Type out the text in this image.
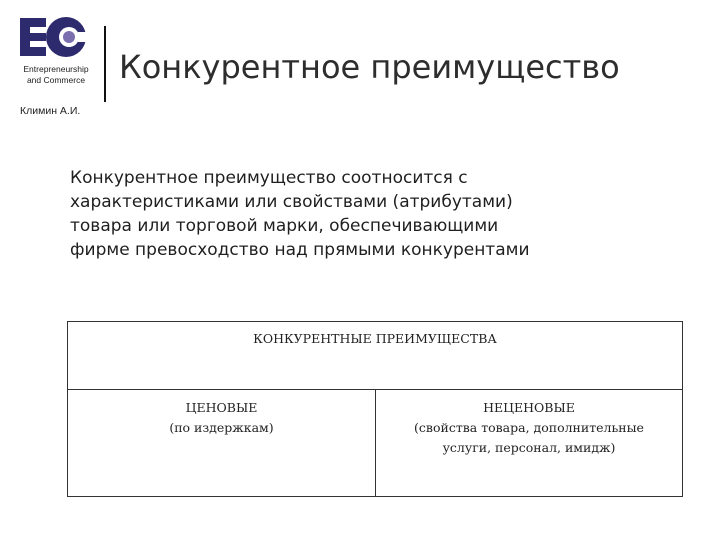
Entrepreneurship
and Commerce
Климин А.И.
Конкурентное преимущество
Конкурентное преимущество соотносится с
характеристиками или свойствами (атрибутами)
товара или торговой марки, обеспечивающими
фирме превосходство над прямыми конкурентами
КОНКУРЕНТНЫЕ ПРЕИМУЩЕСТВА
ЦЕНОВЫЕ
(по издержкам)
НЕЦЕНОВЫЕ
(свойства товара, дополнительные
услуги, персонал, имидж)
